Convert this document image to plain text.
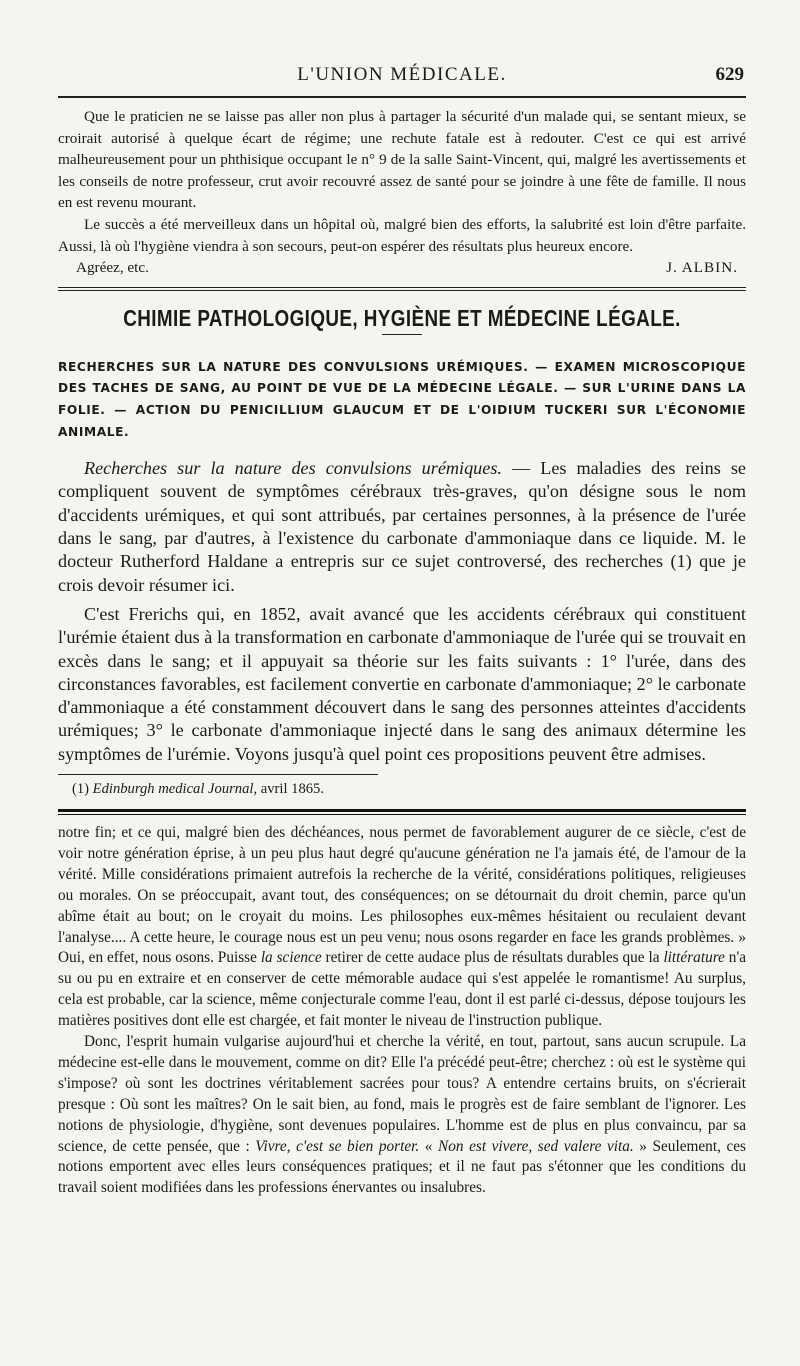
L'UNION MÉDICALE.	629

Que le praticien ne se laisse pas aller non plus à partager la sécurité d'un malade qui, se sentant mieux, se croirait autorisé à quelque écart de régime; une rechute fatale est à redouter. C'est ce qui est arrivé malheureusement pour un phthisique occupant le n° 9 de la salle Saint-Vincent, qui, malgré les avertissements et les conseils de notre professeur, crut avoir recouvré assez de santé pour se joindre à une fête de famille. Il nous en est revenu mourant.

Le succès a été merveilleux dans un hôpital où, malgré bien des efforts, la salubrité est loin d'être parfaite. Aussi, là où l'hygiène viendra à son secours, peut-on espérer des résultats plus heureux encore.

Agréez, etc.	J. ALBIN.
CHIMIE PATHOLOGIQUE, HYGIÈNE ET MÉDECINE LÉGALE.
RECHERCHES SUR LA NATURE DES CONVULSIONS URÉMIQUES. — EXAMEN MICROSCOPIQUE DES TACHES DE SANG, AU POINT DE VUE DE LA MÉDECINE LÉGALE. — SUR L'URINE DANS LA FOLIE. — ACTION DU PENICILLIUM GLAUCUM ET DE L'OIDIUM TUCKERI SUR L'ÉCONOMIE ANIMALE.

Recherches sur la nature des convulsions urémiques. — Les maladies des reins se compliquent souvent de symptômes cérébraux très-graves, qu'on désigne sous le nom d'accidents urémiques, et qui sont attribués, par certaines personnes, à la présence de l'urée dans le sang, par d'autres, à l'existence du carbonate d'ammoniaque dans ce liquide. M. le docteur Rutherford Haldane a entrepris sur ce sujet controversé, des recherches (1) que je crois devoir résumer ici.

C'est Frerichs qui, en 1852, avait avancé que les accidents cérébraux qui constituent l'urémie étaient dus à la transformation en carbonate d'ammoniaque de l'urée qui se trouvait en excès dans le sang; et il appuyait sa théorie sur les faits suivants : 1° l'urée, dans des circonstances favorables, est facilement convertie en carbonate d'ammoniaque; 2° le carbonate d'ammoniaque a été constamment découvert dans le sang des personnes atteintes d'accidents urémiques; 3° le carbonate d'ammoniaque injecté dans le sang des animaux détermine les symptômes de l'urémie. Voyons jusqu'à quel point ces propositions peuvent être admises.

(1) Edinburgh medical Journal, avril 1865.

notre fin; et ce qui, malgré bien des déchéances, nous permet de favorablement augurer de ce siècle, c'est de voir notre génération éprise, à un peu plus haut degré qu'aucune génération ne l'a jamais été, de l'amour de la vérité. Mille considérations primaient autrefois la recherche de la vérité, considérations politiques, religieuses ou morales. On se préoccupait, avant tout, des conséquences; on se détournait du droit chemin, parce qu'un abîme était au bout; on le croyait du moins. Les philosophes eux-mêmes hésitaient ou reculaient devant l'analyse.... A cette heure, le courage nous est un peu venu; nous osons regarder en face les grands problèmes. » Oui, en effet, nous osons. Puisse la science retirer de cette audace plus de résultats durables que la littérature n'a su ou pu en extraire et en conserver de cette mémorable audace qui s'est appelée le romantisme! Au surplus, cela est probable, car la science, même conjecturale comme l'eau, dont il est parlé ci-dessus, dépose toujours les matières positives dont elle est chargée, et fait monter le niveau de l'instruction publique.

Donc, l'esprit humain vulgarise aujourd'hui et cherche la vérité, en tout, partout, sans aucun scrupule. La médecine est-elle dans le mouvement, comme on dit? Elle l'a précédé peut-être; cherchez : où est le système qui s'impose? où sont les doctrines véritablement sacrées pour tous? A entendre certains bruits, on s'écrierait presque : Où sont les maîtres? On le sait bien, au fond, mais le progrès est de faire semblant de l'ignorer. Les notions de physiologie, d'hygiène, sont devenues populaires. L'homme est de plus en plus convaincu, par sa science, de cette pensée, que : Vivre, c'est se bien porter. « Non est vivere, sed valere vita. » Seulement, ces notions emportent avec elles leurs conséquences pratiques; et il ne faut pas s'étonner que les conditions du travail soient modifiées dans les professions énervantes ou insalubres.
